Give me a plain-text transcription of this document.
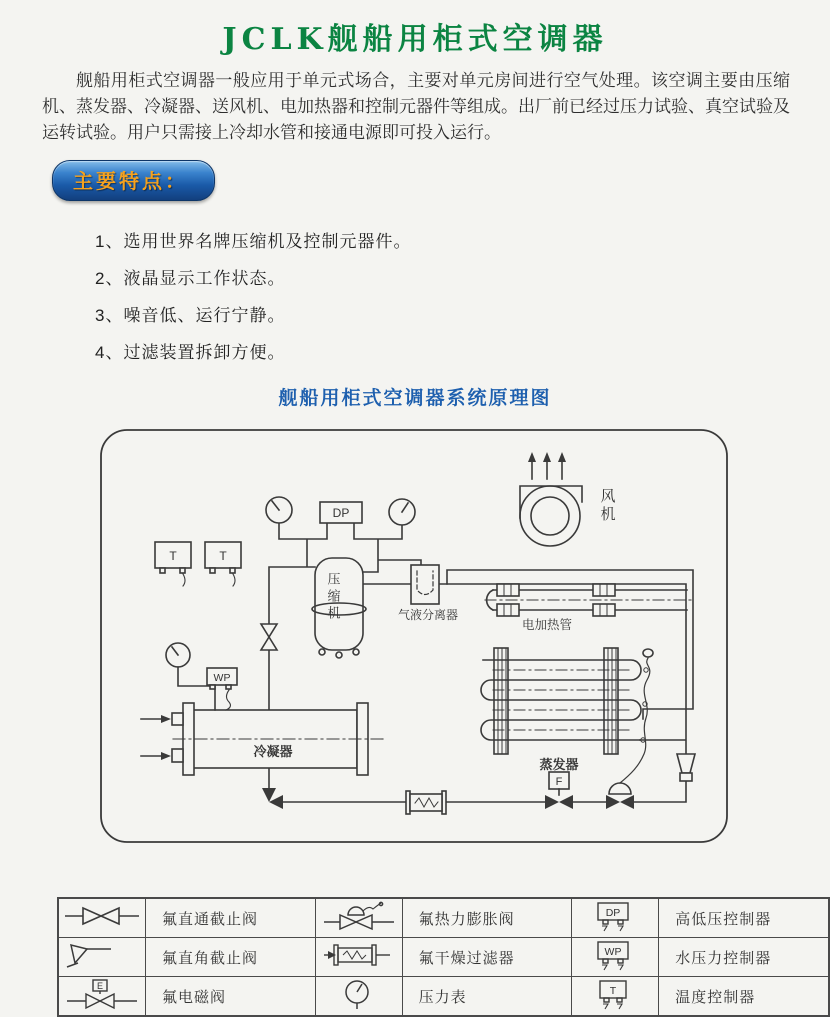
JCLK舰船用柜式空调器

舰船用柜式空调器一般应用于单元式场合，主要对单元房间进行空气处理。该空调主要由压缩机、蒸发器、冷凝器、送风机、电加热器和控制元器件等组成。出厂前已经过压力试验、真空试验及运转试验。用户只需接上冷却水管和接通电源即可投入运行。

主要特点：
1、选用世界名牌压缩机及控制元器件。
2、液晶显示工作状态。
3、噪音低、运行宁静。
4、过滤装置拆卸方便。
舰船用柜式空调器系统原理图
风机
压缩机	气液分离器
电加热管
蒸发器
冷凝器
DP
WP
T	T
F
	氟直通截止阀		氟热力膨胀阀	DP	高低压控制器
	氟直角截止阀		氟干燥过滤器	WP	水压力控制器

E	氟电磁阀		压力表	T	温度控制器
